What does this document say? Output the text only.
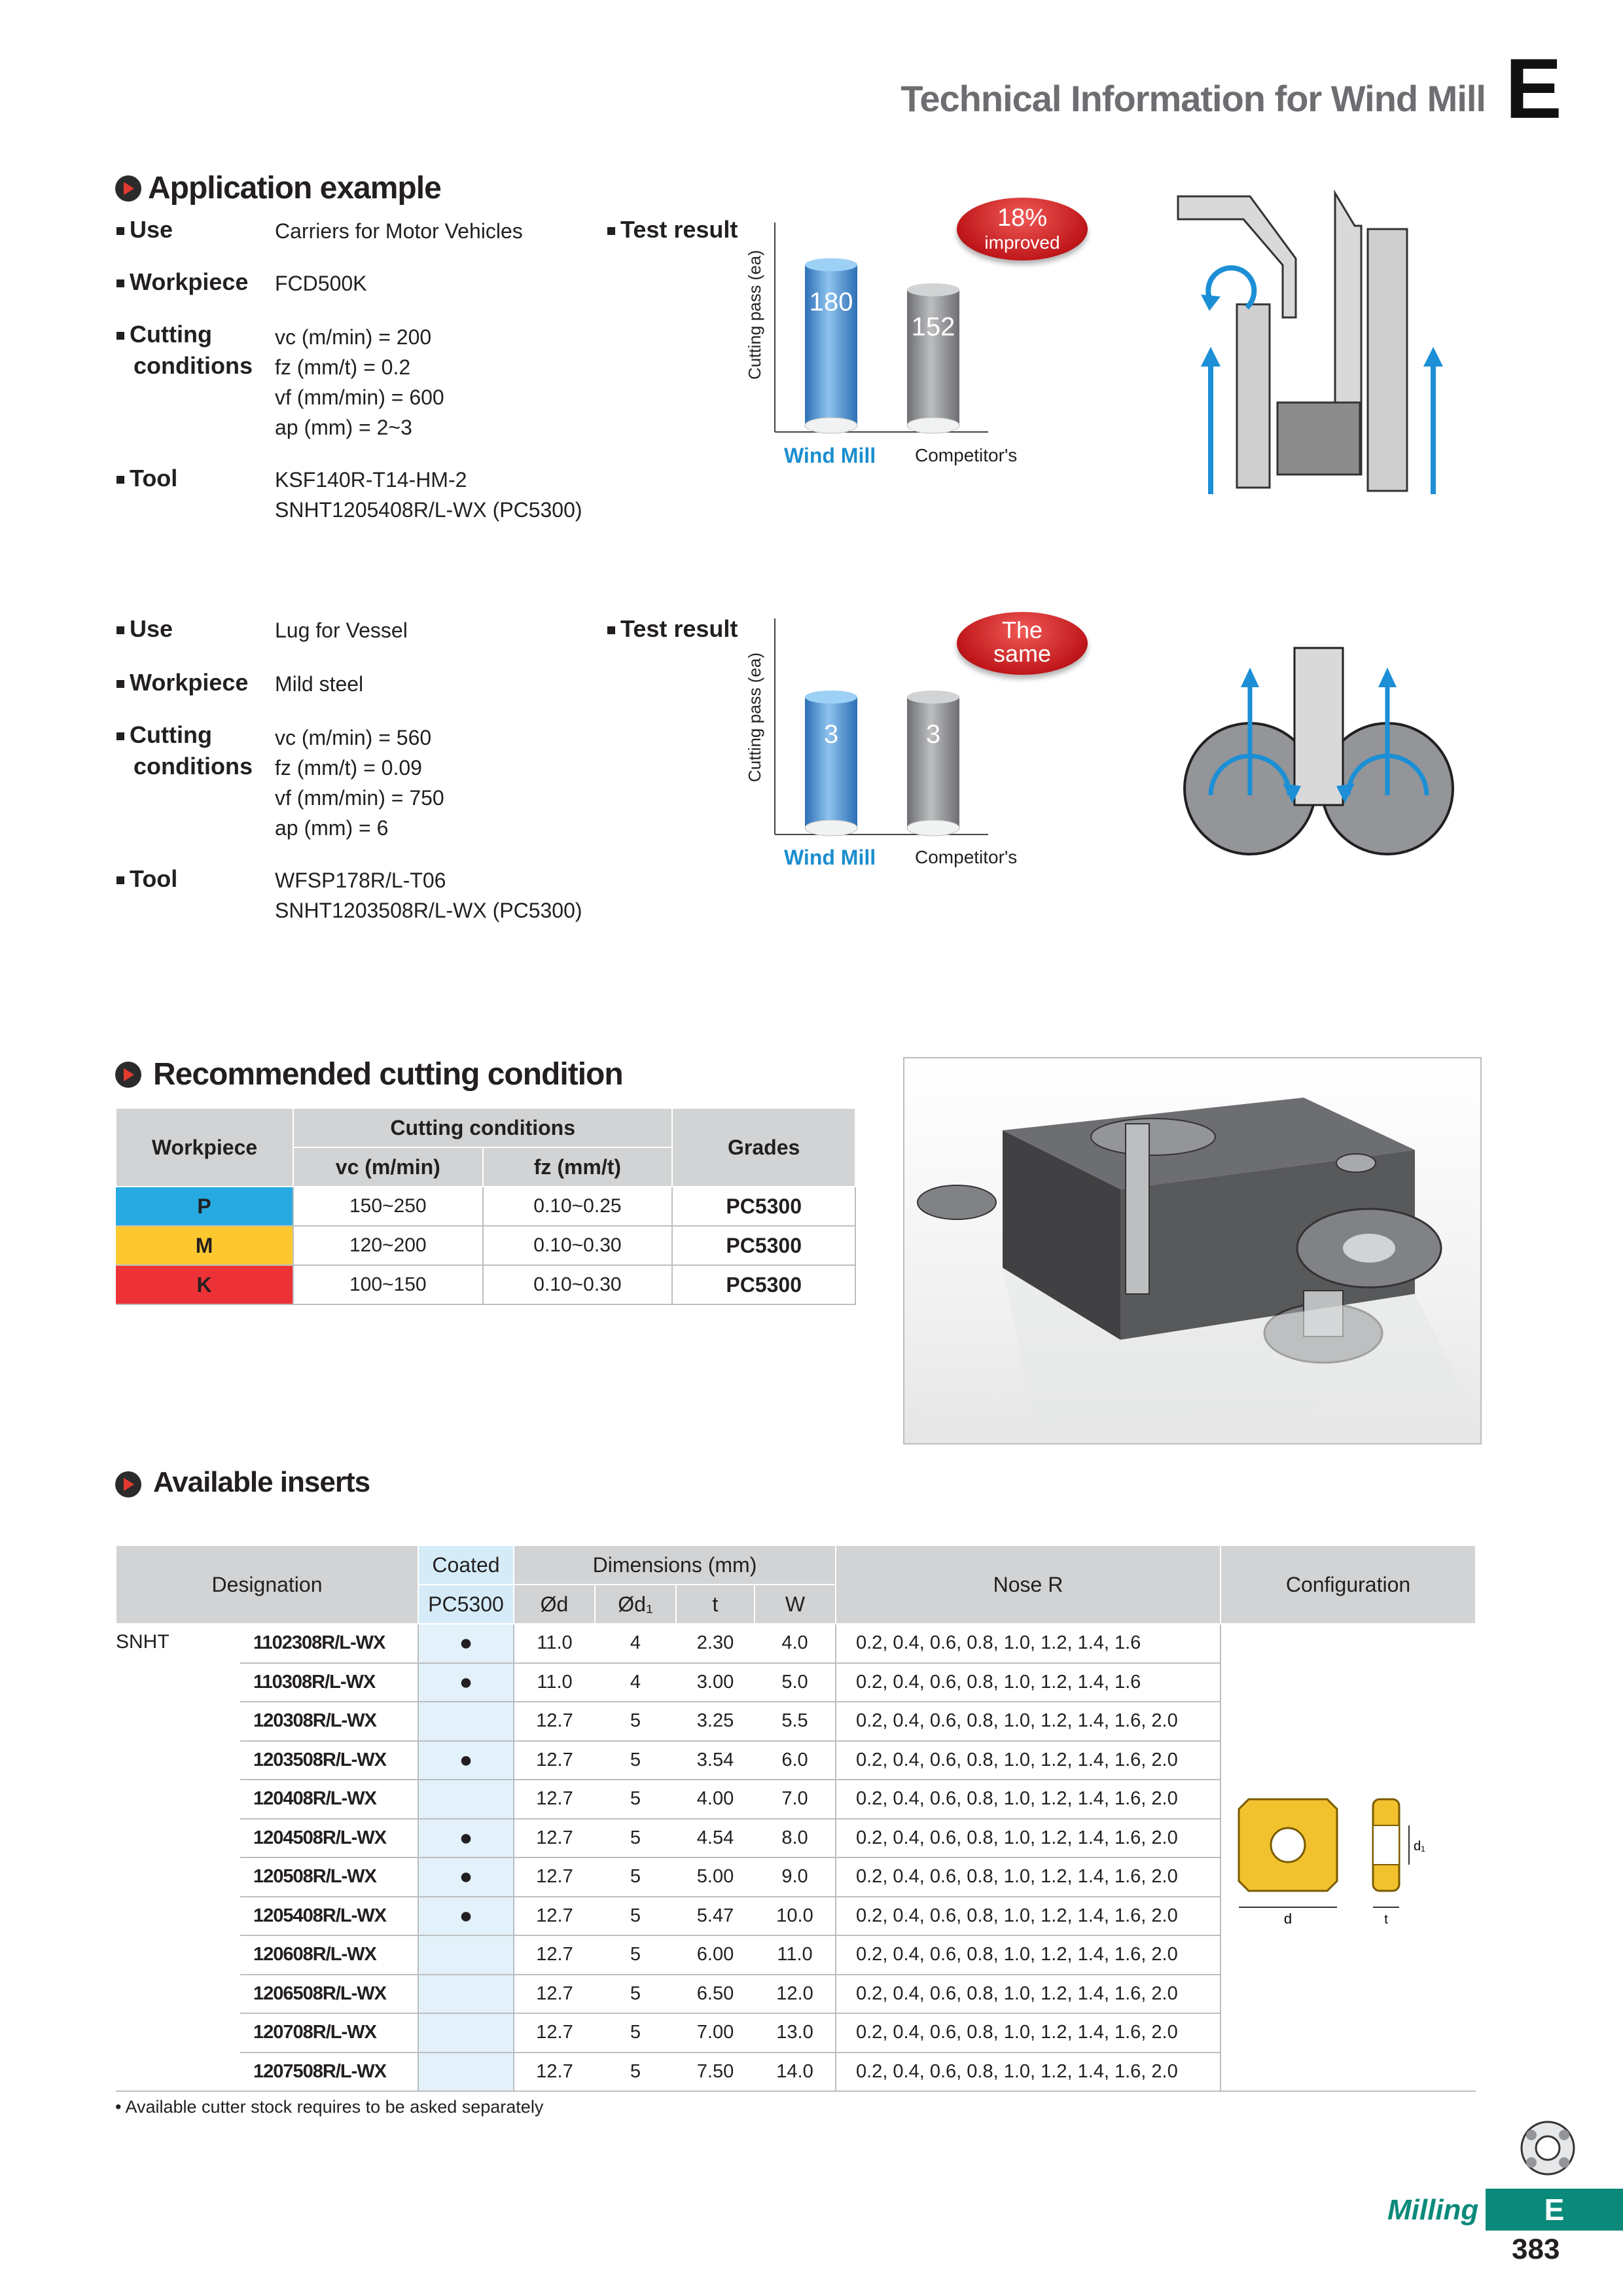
Technical Information for Wind Mill E
Application example
Use	Carriers for Motor Vehicles
Workpiece FCD500K
Cutting
conditions
vc (m/min) = 200
fz (mm/t) = 0.2
vf (mm/min) = 600
ap (mm) = 2~3
Tool	KSF140R-T14-HM-2
SNHT1205408R/L-WX (PC5300)
Test result
180
152
Cutting pass (ea)
Wind Mill Competitor's
18%
improved
Use	Lug for Vessel
Workpiece Mild steel
Cutting
conditions
vc (m/min) = 560
fz (mm/t) = 0.09
vf (mm/min) = 750
ap (mm) = 6
Tool	WFSP178R/L-T06
SNHT1203508R/L-WX (PC5300)
Test result
3	3
Cutting pass (ea)
Wind Mill Competitor's
The
same
Recommended cutting condition
Workpiece	Cutting conditions		Grades
	vc (m/min)	fz (mm/t)	
P	150~250	0.10~0.25	PC5300
M	120~200	0.10~0.30	PC5300
K	100~150	0.10~0.30	PC5300
Available inserts
Designation		Coated	Dimensions (mm)				Nose R	Configuration
		PC5300	Ød	Ød₁	t	W		
SNHT	1102308R/L-WX	●	11.0	4	2.30	4.0	0.2, 0.4, 0.6, 0.8, 1.0, 1.2, 1.4, 1.6	d
d₁
t

	110308R/L-WX	●	11.0	4	3.00	5.0	0.2, 0.4, 0.6, 0.8, 1.0, 1.2, 1.4, 1.6	
	120308R/L-WX		12.7	5	3.25	5.5	0.2, 0.4, 0.6, 0.8, 1.0, 1.2, 1.4, 1.6, 2.0	
	1203508R/L-WX	●	12.7	5	3.54	6.0	0.2, 0.4, 0.6, 0.8, 1.0, 1.2, 1.4, 1.6, 2.0	
	120408R/L-WX		12.7	5	4.00	7.0	0.2, 0.4, 0.6, 0.8, 1.0, 1.2, 1.4, 1.6, 2.0	
	1204508R/L-WX	●	12.7	5	4.54	8.0	0.2, 0.4, 0.6, 0.8, 1.0, 1.2, 1.4, 1.6, 2.0	
	120508R/L-WX	●	12.7	5	5.00	9.0	0.2, 0.4, 0.6, 0.8, 1.0, 1.2, 1.4, 1.6, 2.0	
	1205408R/L-WX	●	12.7	5	5.47	10.0	0.2, 0.4, 0.6, 0.8, 1.0, 1.2, 1.4, 1.6, 2.0	
	120608R/L-WX		12.7	5	6.00	11.0	0.2, 0.4, 0.6, 0.8, 1.0, 1.2, 1.4, 1.6, 2.0	
	1206508R/L-WX		12.7	5	6.50	12.0	0.2, 0.4, 0.6, 0.8, 1.0, 1.2, 1.4, 1.6, 2.0	
	120708R/L-WX		12.7	5	7.00	13.0	0.2, 0.4, 0.6, 0.8, 1.0, 1.2, 1.4, 1.6, 2.0	
	1207508R/L-WX		12.7	5	7.50	14.0	0.2, 0.4, 0.6, 0.8, 1.0, 1.2, 1.4, 1.6, 2.0	
• Available cutter stock requires to be asked separately
Milling	E
383
